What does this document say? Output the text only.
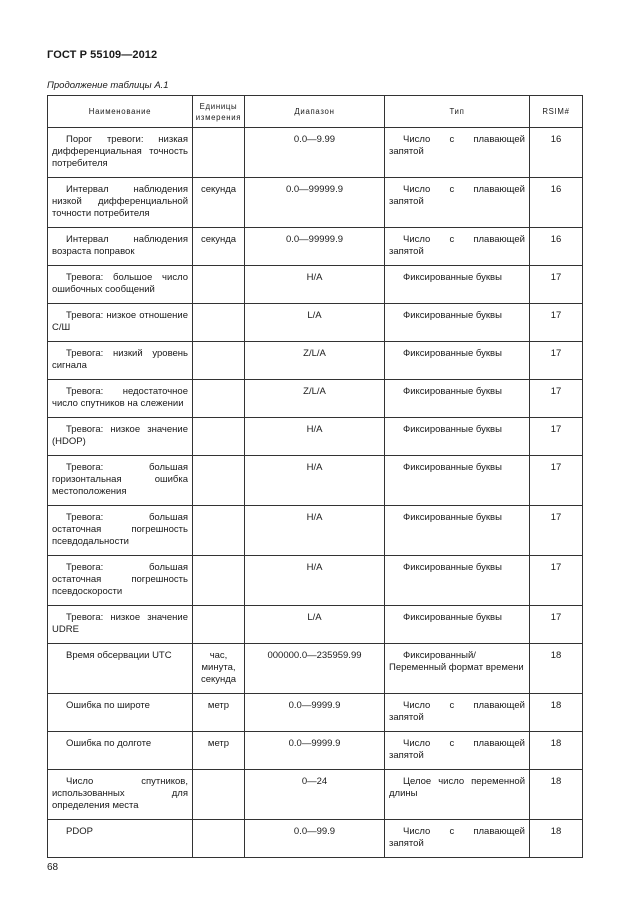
ГОСТ Р 55109—2012
Продолжение таблицы А.1
Наименование	Единицы измерения	Диапазон	Тип	RSIM#
Порог тревоги: низкая дифференциальная точность потребителя		0.0—9.99	Число с плавающей запятой	16
Интервал наблюдения низкой дифференциальной точности потребителя	секунда	0.0—99999.9	Число с плавающей запятой	16
Интервал наблюдения возраста поправок	секунда	0.0—99999.9	Число с плавающей запятой	16
Тревога: большое число ошибочных сообщений		H/A	Фиксированные буквы	17
Тревога: низкое отношение С/Ш		L/A	Фиксированные буквы	17
Тревога: низкий уровень сигнала		Z/L/A	Фиксированные буквы	17
Тревога: недостаточное число спутников на слежении		Z/L/A	Фиксированные буквы	17
Тревога: низкое значение (HDOP)		H/A	Фиксированные буквы	17
Тревога: большая горизонтальная ошибка местоположения		H/A	Фиксированные буквы	17
Тревога: большая остаточная погрешность псевдодальности		H/A	Фиксированные буквы	17
Тревога: большая остаточная погрешность псевдоскорости		H/A	Фиксированные буквы	17
Тревога: низкое значение UDRE		L/A	Фиксированные буквы	17
Время обсервации UTC	час, минута, секунда	000000.0—235959.99	Фиксированный/Переменный формат времени	18
Ошибка по широте	метр	0.0—9999.9	Число с плавающей запятой	18
Ошибка по долготе	метр	0.0—9999.9	Число с плавающей запятой	18
Число спутников, использованных для определения места		0—24	Целое число переменной длины	18
PDOP		0.0—99.9	Число с плавающей запятой	18
68
